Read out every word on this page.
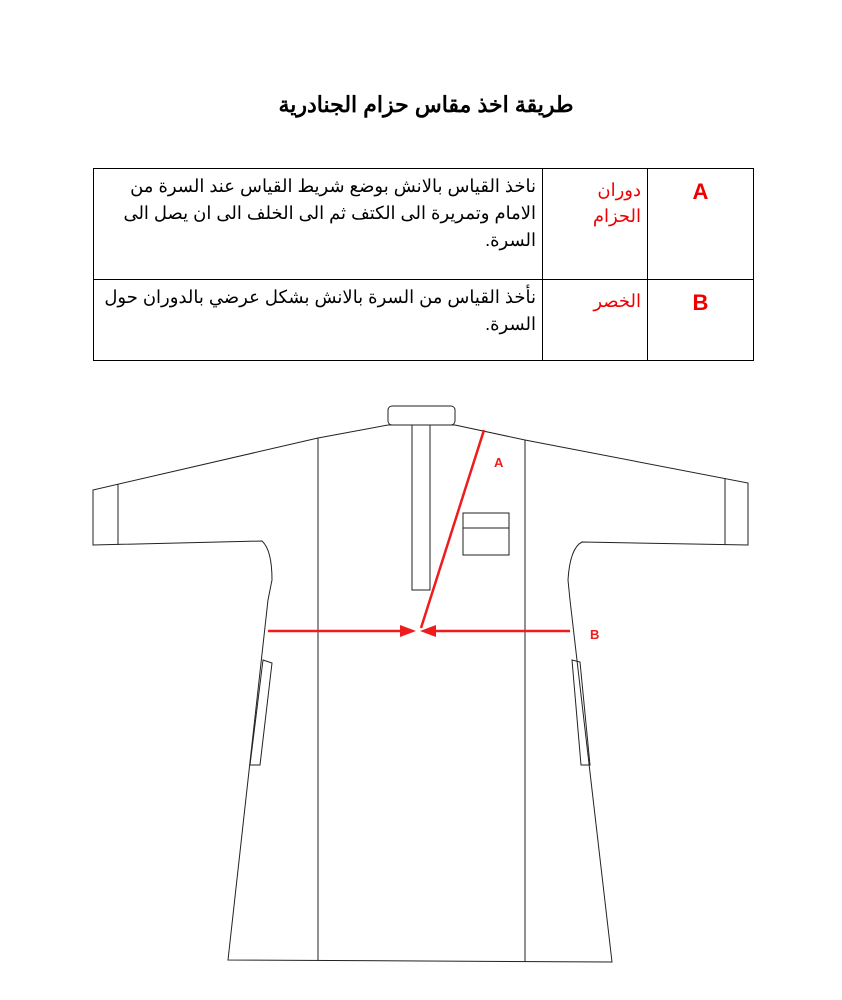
طريقة اخذ مقاس حزام الجنادرية
A	دوران الحزام	ناخذ القياس بالانش بوضع شريط القياس عند السرة من الامام وتمريرة الى الكتف ثم الى الخلف الى ان يصل الى السرة.
B	الخصر	نأخذ القياس من السرة بالانش بشكل عرضي بالدوران حول السرة.
A
B
